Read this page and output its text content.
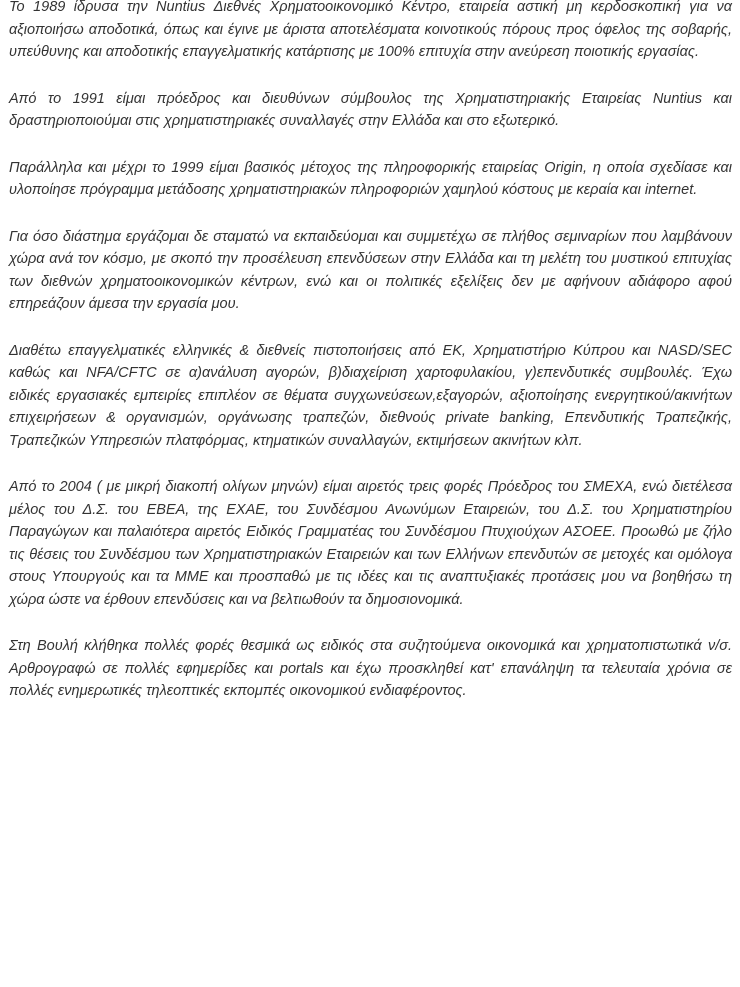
Το 1989 ίδρυσα την Nuntius Διεθνές Χρηματοοικονομικό Κέντρο, εταιρεία αστική μη κερδοσκοπική για να αξιοποιήσω αποδοτικά, όπως και έγινε με άριστα αποτελέσματα κοινοτικούς πόρους προς όφελος της σοβαρής, υπεύθυνης και αποδοτικής επαγγελματικής κατάρτισης με 100% επιτυχία στην ανεύρεση ποιοτικής εργασίας.

Από το 1991 είμαι πρόεδρος και διευθύνων σύμβουλος της Χρηματιστηριακής Εταιρείας Nuntius και δραστηριοποιούμαι στις χρηματιστηριακές συναλλαγές στην Ελλάδα και στο εξωτερικό.

Παράλληλα και μέχρι το 1999 είμαι βασικός μέτοχος της πληροφορικής εταιρείας Origin, η οποία σχεδίασε και υλοποίησε πρόγραμμα μετάδοσης χρηματιστηριακών πληροφοριών χαμηλού κόστους με κεραία και internet.

Για όσο διάστημα εργάζομαι δε σταματώ να εκπαιδεύομαι και συμμετέχω σε πλήθος σεμιναρίων που λαμβάνουν χώρα ανά τον κόσμο, με σκοπό την προσέλευση επενδύσεων στην Ελλάδα και τη μελέτη του μυστικού επιτυχίας των διεθνών χρηματοοικονομικών κέντρων, ενώ και οι πολιτικές εξελίξεις δεν με αφήνουν αδιάφορο αφού επηρεάζουν άμεσα την εργασία μου.

Διαθέτω επαγγελματικές ελληνικές & διεθνείς πιστοποιήσεις από ΕΚ, Χρηματιστήριο Κύπρου και NASD/SEC καθώς και NFA/CFTC σε α)ανάλυση αγορών, β)διαχείριση χαρτοφυλακίου, γ)επενδυτικές συμβουλές. Έχω ειδικές εργασιακές εμπειρίες επιπλέον σε θέματα συγχωνεύσεων,εξαγορών, αξιοποίησης ενεργητικού/ακινήτων επιχειρήσεων & οργανισμών, οργάνωσης τραπεζών, διεθνούς private banking, Επενδυτικής Τραπεζικής, Τραπεζικών Υπηρεσιών πλατφόρμας, κτηματικών συναλλαγών, εκτιμήσεων ακινήτων κλπ.

Από το 2004 ( με μικρή διακοπή ολίγων μηνών) είμαι αιρετός τρεις φορές Πρόεδρος του ΣΜΕΧΑ, ενώ διετέλεσα μέλος του Δ.Σ. του ΕΒΕΑ, της ΕΧΑΕ, του Συνδέσμου Ανωνύμων Εταιρειών, του Δ.Σ. του Χρηματιστηρίου Παραγώγων και παλαιότερα αιρετός Ειδικός Γραμματέας του Συνδέσμου Πτυχιούχων ΑΣΟΕΕ. Προωθώ με ζήλο τις θέσεις του Συνδέσμου των Χρηματιστηριακών Εταιρειών και των Ελλήνων επενδυτών σε μετοχές και ομόλογα στους Υπουργούς και τα ΜΜΕ και προσπαθώ με τις ιδέες και τις αναπτυξιακές προτάσεις μου να βοηθήσω τη χώρα ώστε να έρθουν επενδύσεις και να βελτιωθούν τα δημοσιονομικά.

Στη Βουλή κλήθηκα πολλές φορές θεσμικά ως ειδικός στα συζητούμενα οικονομικά και χρηματοπιστωτικά ν/σ. Αρθρογραφώ σε πολλές εφημερίδες και portals και έχω προσκληθεί κατ' επανάληψη τα τελευταία χρόνια σε πολλές ενημερωτικές τηλεοπτικές εκπομπές οικονομικού ενδιαφέροντος.
